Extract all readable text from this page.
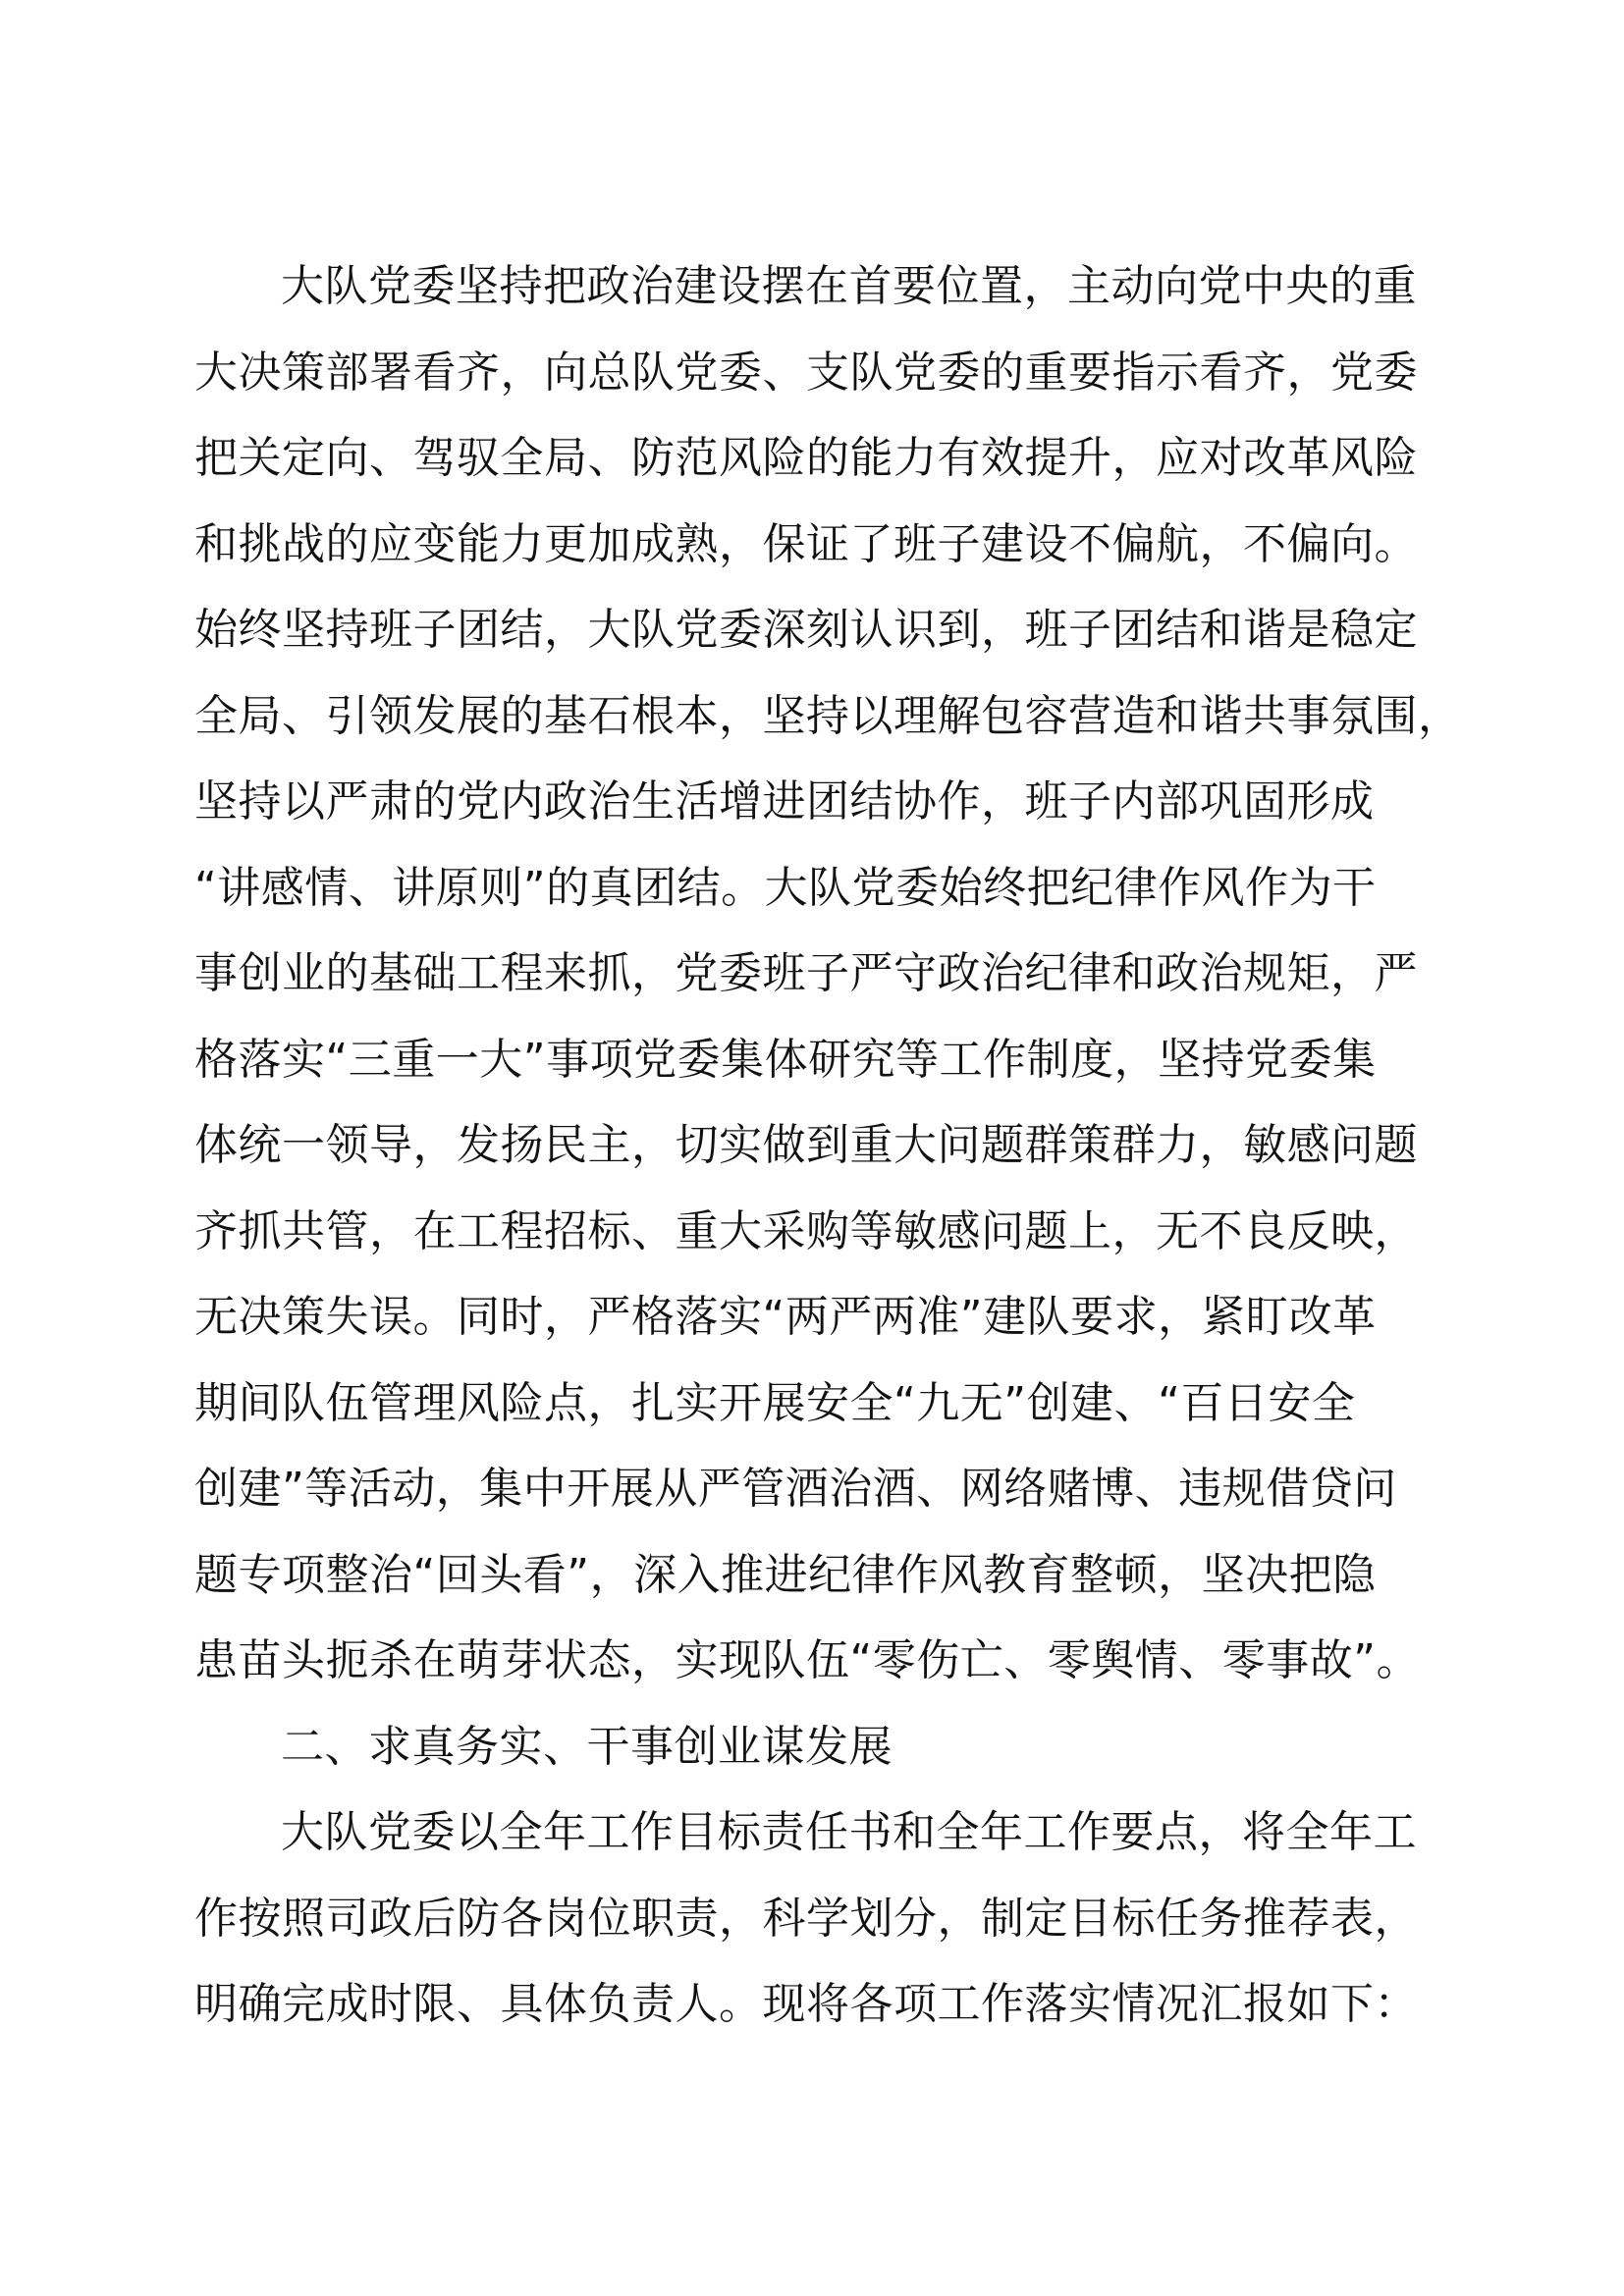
大队党委坚持把政治建设摆在首要位置，主动向党中央的重
大决策部署看齐，向总队党委、支队党委的重要指示看齐，党委
把关定向、驾驭全局、防范风险的能力有效提升，应对改革风险
和挑战的应变能力更加成熟，保证了班子建设不偏航，不偏向。
始终坚持班子团结，大队党委深刻认识到，班子团结和谐是稳定
全局、引领发展的基石根本，坚持以理解包容营造和谐共事氛围，
坚持以严肃的党内政治生活增进团结协作，班子内部巩固形成
“讲感情、讲原则”的真团结。大队党委始终把纪律作风作为干
事创业的基础工程来抓，党委班子严守政治纪律和政治规矩，严
格落实“三重一大”事项党委集体研究等工作制度，坚持党委集
体统一领导，发扬民主，切实做到重大问题群策群力，敏感问题
齐抓共管，在工程招标、重大采购等敏感问题上，无不良反映，
无决策失误。同时，严格落实“两严两准”建队要求，紧盯改革
期间队伍管理风险点，扎实开展安全“九无”创建、“百日安全
创建”等活动，集中开展从严管酒治酒、网络赌博、违规借贷问
题专项整治“回头看”，深入推进纪律作风教育整顿，坚决把隐
患苗头扼杀在萌芽状态，实现队伍“零伤亡、零舆情、零事故”。
二、求真务实、干事创业谋发展
大队党委以全年工作目标责任书和全年工作要点，将全年工
作按照司政后防各岗位职责，科学划分，制定目标任务推荐表，
明确完成时限、具体负责人。现将各项工作落实情况汇报如下：
